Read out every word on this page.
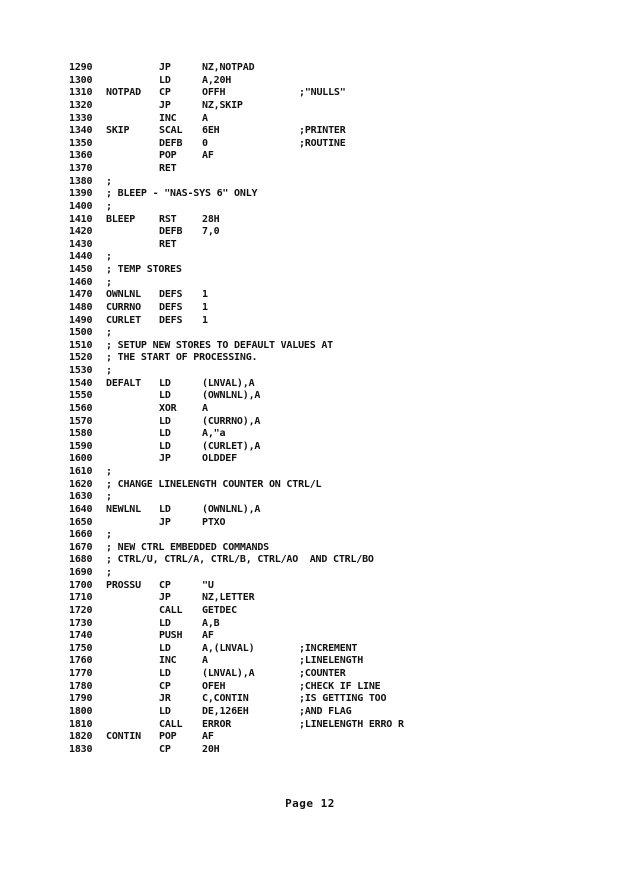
1290	JP	NZ,NOTPAD
1300	LD	A,20H
1310 NOTPAD CP	OFFH	;"NULLS"
1320	JP	NZ,SKIP
1330	INC	A
1340 SKIP	SCAL 6EH	;PRINTER
1350	DEFB 0	;ROUTINE
1360	POP	AF
1370	RET
1380 ;
1390 ; BLEEP - "NAS-SYS 6" ONLY
1400 ;
1410 BLEEP RST	28H
1420	DEFB 7,0
1430	RET
1440 ;
1450 ; TEMP STORES
1460 ;
1470 OWNLNL DEFS 1
1480 CURRNO DEFS 1
1490 CURLET DEFS 1
1500 ;
1510 ; SETUP NEW STORES TO DEFAULT VALUES AT
1520 ; THE START OF PROCESSING.
1530 ;
1540 DEFALT LD	(LNVAL),A
1550	LD	(OWNLNL),A
1560	XOR	A
1570	LD	(CURRNO),A
1580	LD	A,"a
1590	LD	(CURLET),A
1600	JP	OLDDEF
1610 ;
1620 ; CHANGE LINELENGTH COUNTER ON CTRL/L
1630 ;
1640 NEWLNL LD	(OWNLNL),A
1650	JP	PTXO
1660 ;
1670 ; NEW CTRL EMBEDDED COMMANDS
1680 ; CTRL/U, CTRL/A, CTRL/B, CTRL/AO  AND CTRL/BO
1690 ;
1700 PROSSU CP	"U
1710	JP	NZ,LETTER
1720	CALL GETDEC
1730	LD	A,B
1740	PUSH AF
1750	LD	A,(LNVAL)	;INCREMENT
1760	INC	A	;LINELENGTH
1770	LD	(LNVAL),A	;COUNTER
1780	CP	OFEH	;CHECK IF LINE
1790	JR	C,CONTIN	;IS GETTING TOO
1800	LD	DE,126EH	;AND FLAG
1810	CALL ERROR	;LINELENGTH ERRO R
1820 CONTIN POP	AF
1830	CP	20H
Page 12
